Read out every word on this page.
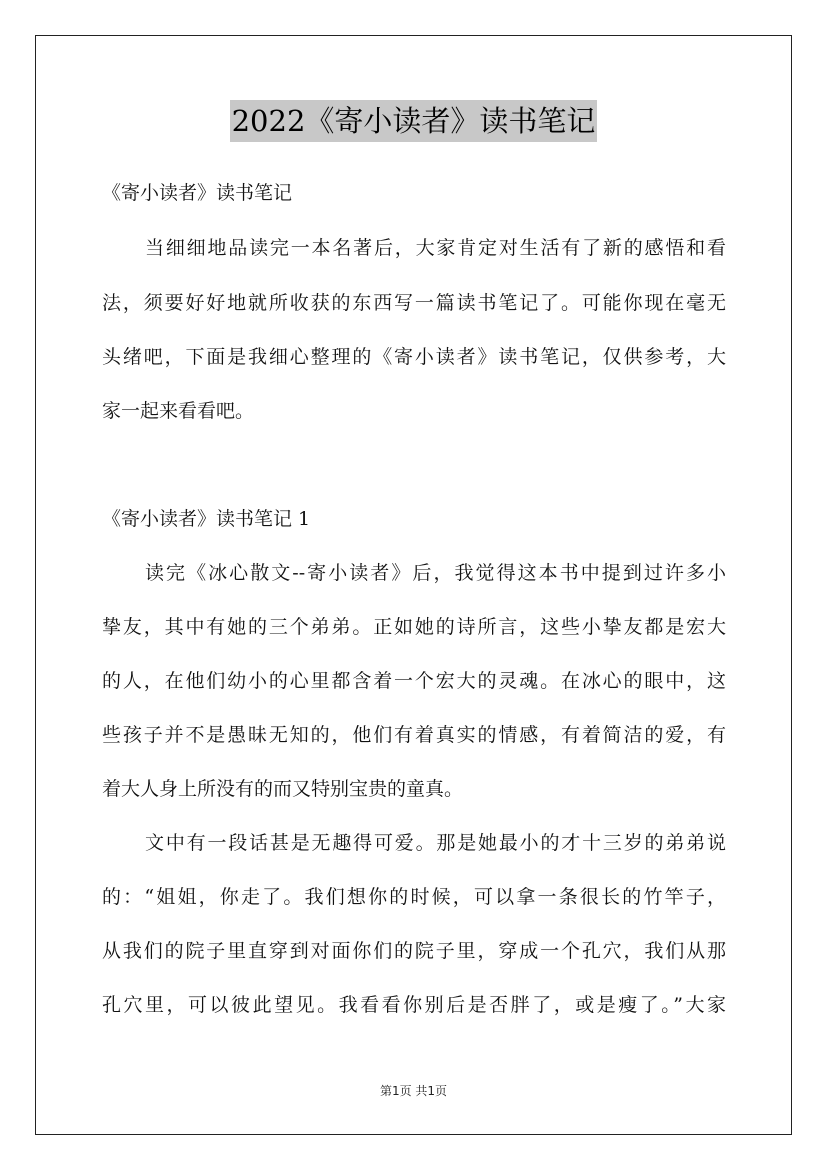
2022《寄小读者》读书笔记
《寄小读者》读书笔记
当细细地品读完一本名著后，大家肯定对生活有了新的感悟和看
法，须要好好地就所收获的东西写一篇读书笔记了。可能你现在毫无
头绪吧，下面是我细心整理的《寄小读者》读书笔记，仅供参考，大
家一起来看看吧。
《寄小读者》读书笔记 1
读完《冰心散文--寄小读者》后，我觉得这本书中提到过许多小
挚友，其中有她的三个弟弟。正如她的诗所言，这些小挚友都是宏大
的人，在他们幼小的心里都含着一个宏大的灵魂。在冰心的眼中，这
些孩子并不是愚昧无知的，他们有着真实的情感，有着简洁的爱，有
着大人身上所没有的而又特别宝贵的童真。
文中有一段话甚是无趣得可爱。那是她最小的才十三岁的弟弟说
的：“姐姐，你走了。我们想你的时候，可以拿一条很长的竹竿子，
从我们的院子里直穿到对面你们的院子里，穿成一个孔穴，我们从那
孔穴里，可以彼此望见。我看看你别后是否胖了，或是瘦了。”大家
第1页 共1页
